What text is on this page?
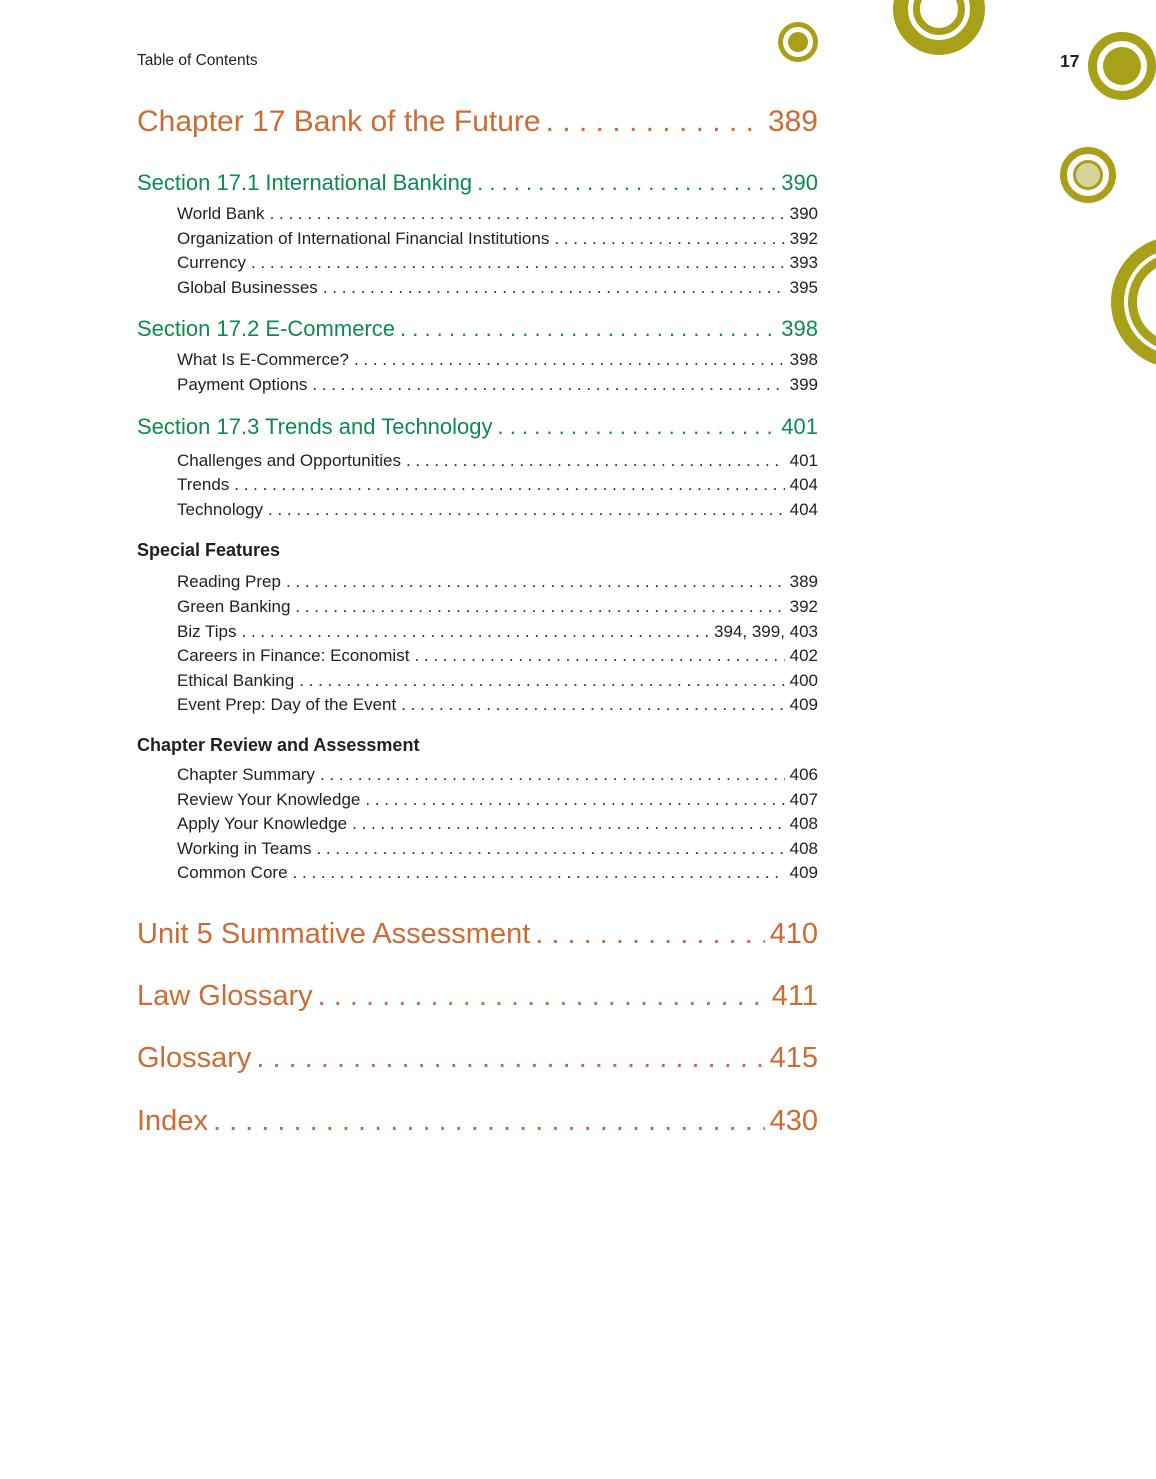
Table of Contents	17
Chapter 17 Bank of the Future . . .	389
Section 17.1 International Banking . . .	390
World Bank . . .	390
Organization of International Financial Institutions . . .	392
Currency . . .	393
Global Businesses . . .	395
Section 17.2 E-Commerce . . .	398
What Is E-Commerce? . . .	398
Payment Options . . .	399
Section 17.3 Trends and Technology . . .	401
Challenges and Opportunities . . .	401
Trends . . .	404
Technology . . .	404
Special Features
Reading Prep . . .	389
Green Banking . . .	392
Biz Tips . . .	394, 399, 403
Careers in Finance: Economist . . .	402
Ethical Banking . . .	400
Event Prep: Day of the Event . . .	409
Chapter Review and Assessment
Chapter Summary . . .	406
Review Your Knowledge . . .	407
Apply Your Knowledge . . .	408
Working in Teams . . .	408
Common Core . . .	409
Unit 5 Summative Assessment . . .	410
Law Glossary . . .	411
Glossary . . .	415
Index . . .	430
